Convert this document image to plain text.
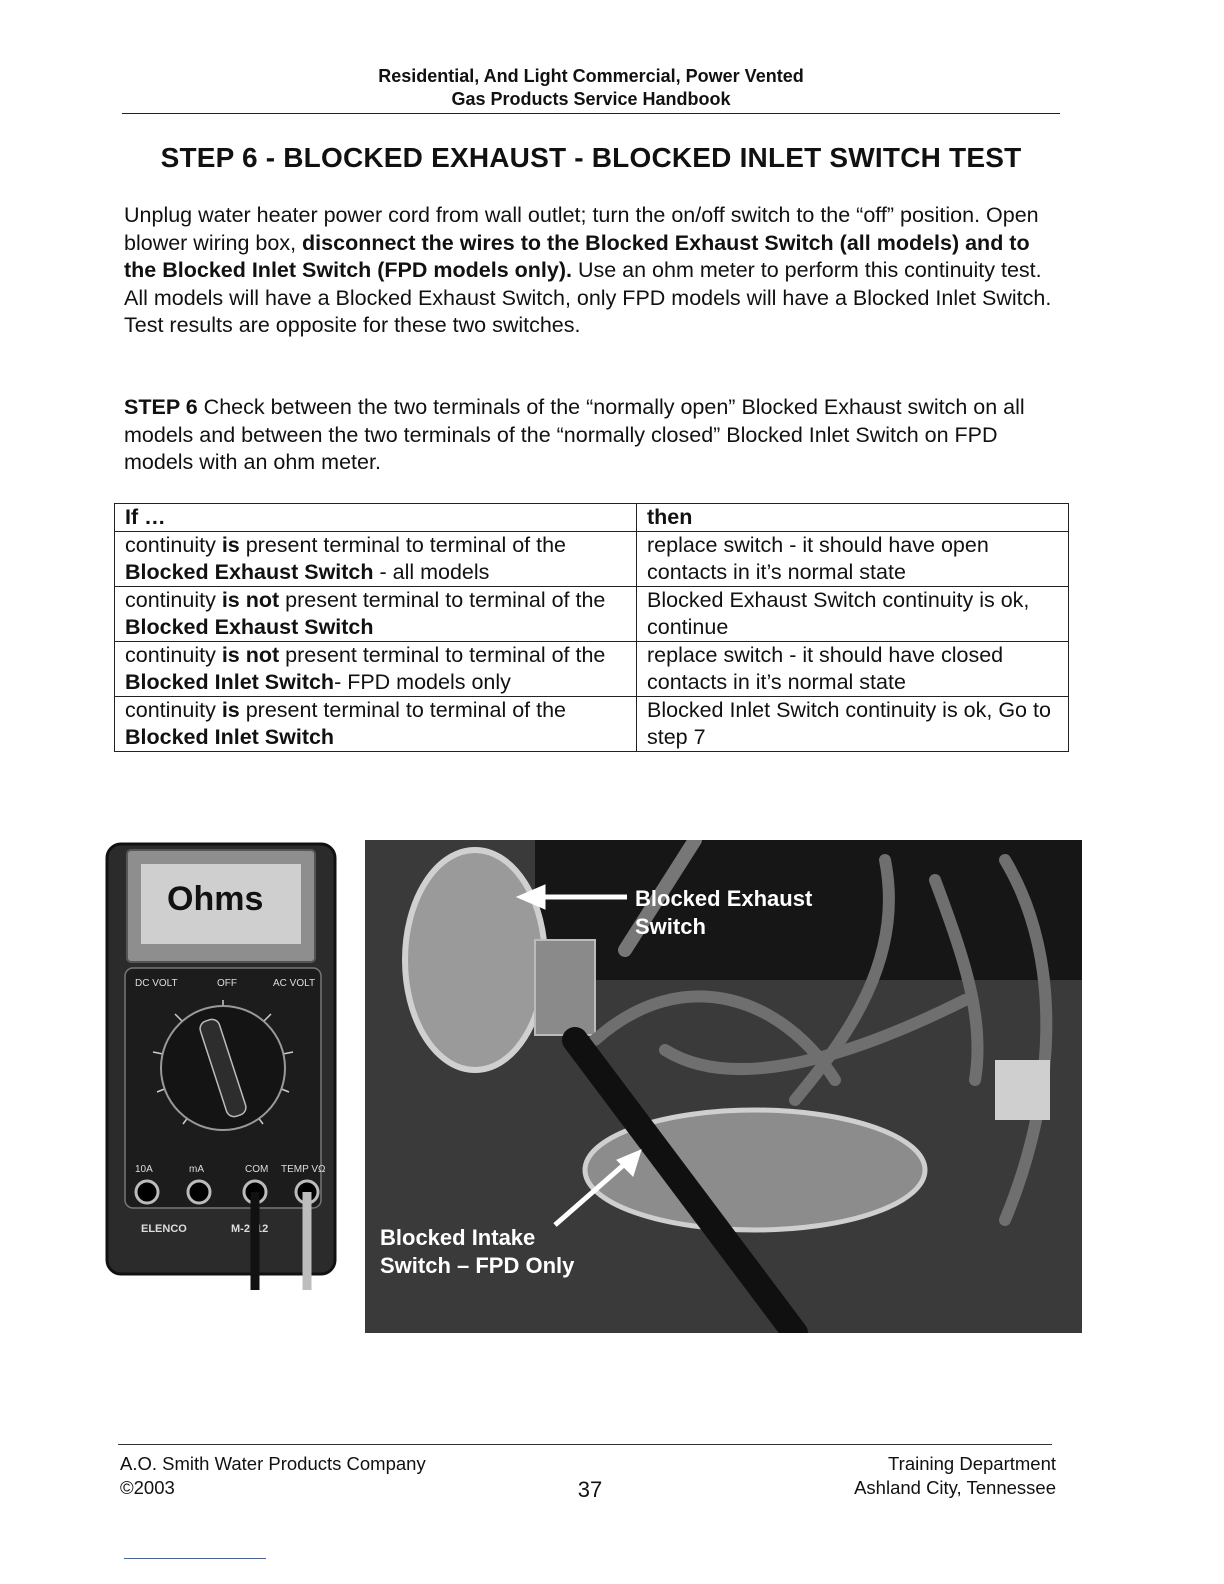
Residential, And Light Commercial, Power Vented
Gas Products Service Handbook
STEP 6 - BLOCKED EXHAUST - BLOCKED INLET SWITCH TEST
Unplug water heater power cord from wall outlet; turn the on/off switch to the “off” position. Open blower wiring box, disconnect the wires to the Blocked Exhaust Switch (all models) and to the Blocked Inlet Switch (FPD models only). Use an ohm meter to perform this continuity test. All models will have a Blocked Exhaust Switch, only FPD models will have a Blocked Inlet Switch. Test results are opposite for these two switches.
STEP 6 Check between the two terminals of the “normally open” Blocked Exhaust switch on all models and between the two terminals of the “normally closed” Blocked Inlet Switch on FPD models with an ohm meter.
If …	then
continuity is present terminal to terminal of the Blocked Exhaust Switch - all models	replace switch - it should have open contacts in it’s normal state
continuity is not present terminal to terminal of the Blocked Exhaust Switch	Blocked Exhaust Switch continuity is ok, continue
continuity is not present terminal to terminal of the Blocked Inlet Switch- FPD models only	replace switch - it should have closed contacts in it’s normal state
continuity is present terminal to terminal of the Blocked Inlet Switch	Blocked Inlet Switch continuity is ok, Go to step 7
Ohms
DC VOLT	AC VOLT
OFF
10A	mA	COM TEMP VΩ
ELENCO	M-2612
Blocked Exhaust
Switch
Blocked Intake
Switch – FPD Only
A.O. Smith Water Products Company
©2003	37
Training Department
Ashland City, Tennessee
